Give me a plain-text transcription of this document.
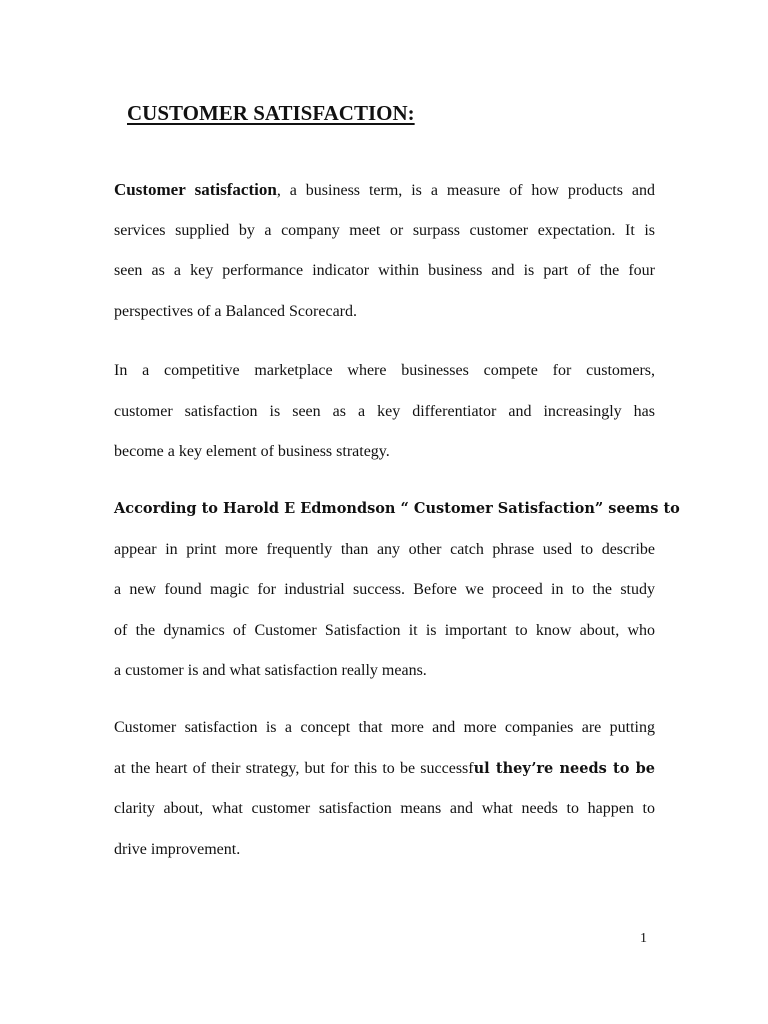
CUSTOMER SATISFACTION:
Customer satisfaction, a business term, is a measure of how products and
services supplied by a company meet or surpass customer expectation. It is
seen as a key performance indicator within business and is part of the four
perspectives of a Balanced Scorecard.
In a competitive marketplace where businesses compete for customers,
customer satisfaction is seen as a key differentiator and increasingly has
become a key element of business strategy.
According to Harold E Edmondson “ Customer Satisfaction” seems to
appear in print more frequently than any other catch phrase used to describe
a new found magic for industrial success. Before we proceed in to the study
of the dynamics of Customer Satisfaction it is important to know about, who
a customer is and what satisfaction really means.
Customer satisfaction is a concept that more and more companies are putting
at the heart of their strategy, but for this to be successful they’re needs to be
clarity about, what customer satisfaction means and what needs to happen to
drive improvement.
1
